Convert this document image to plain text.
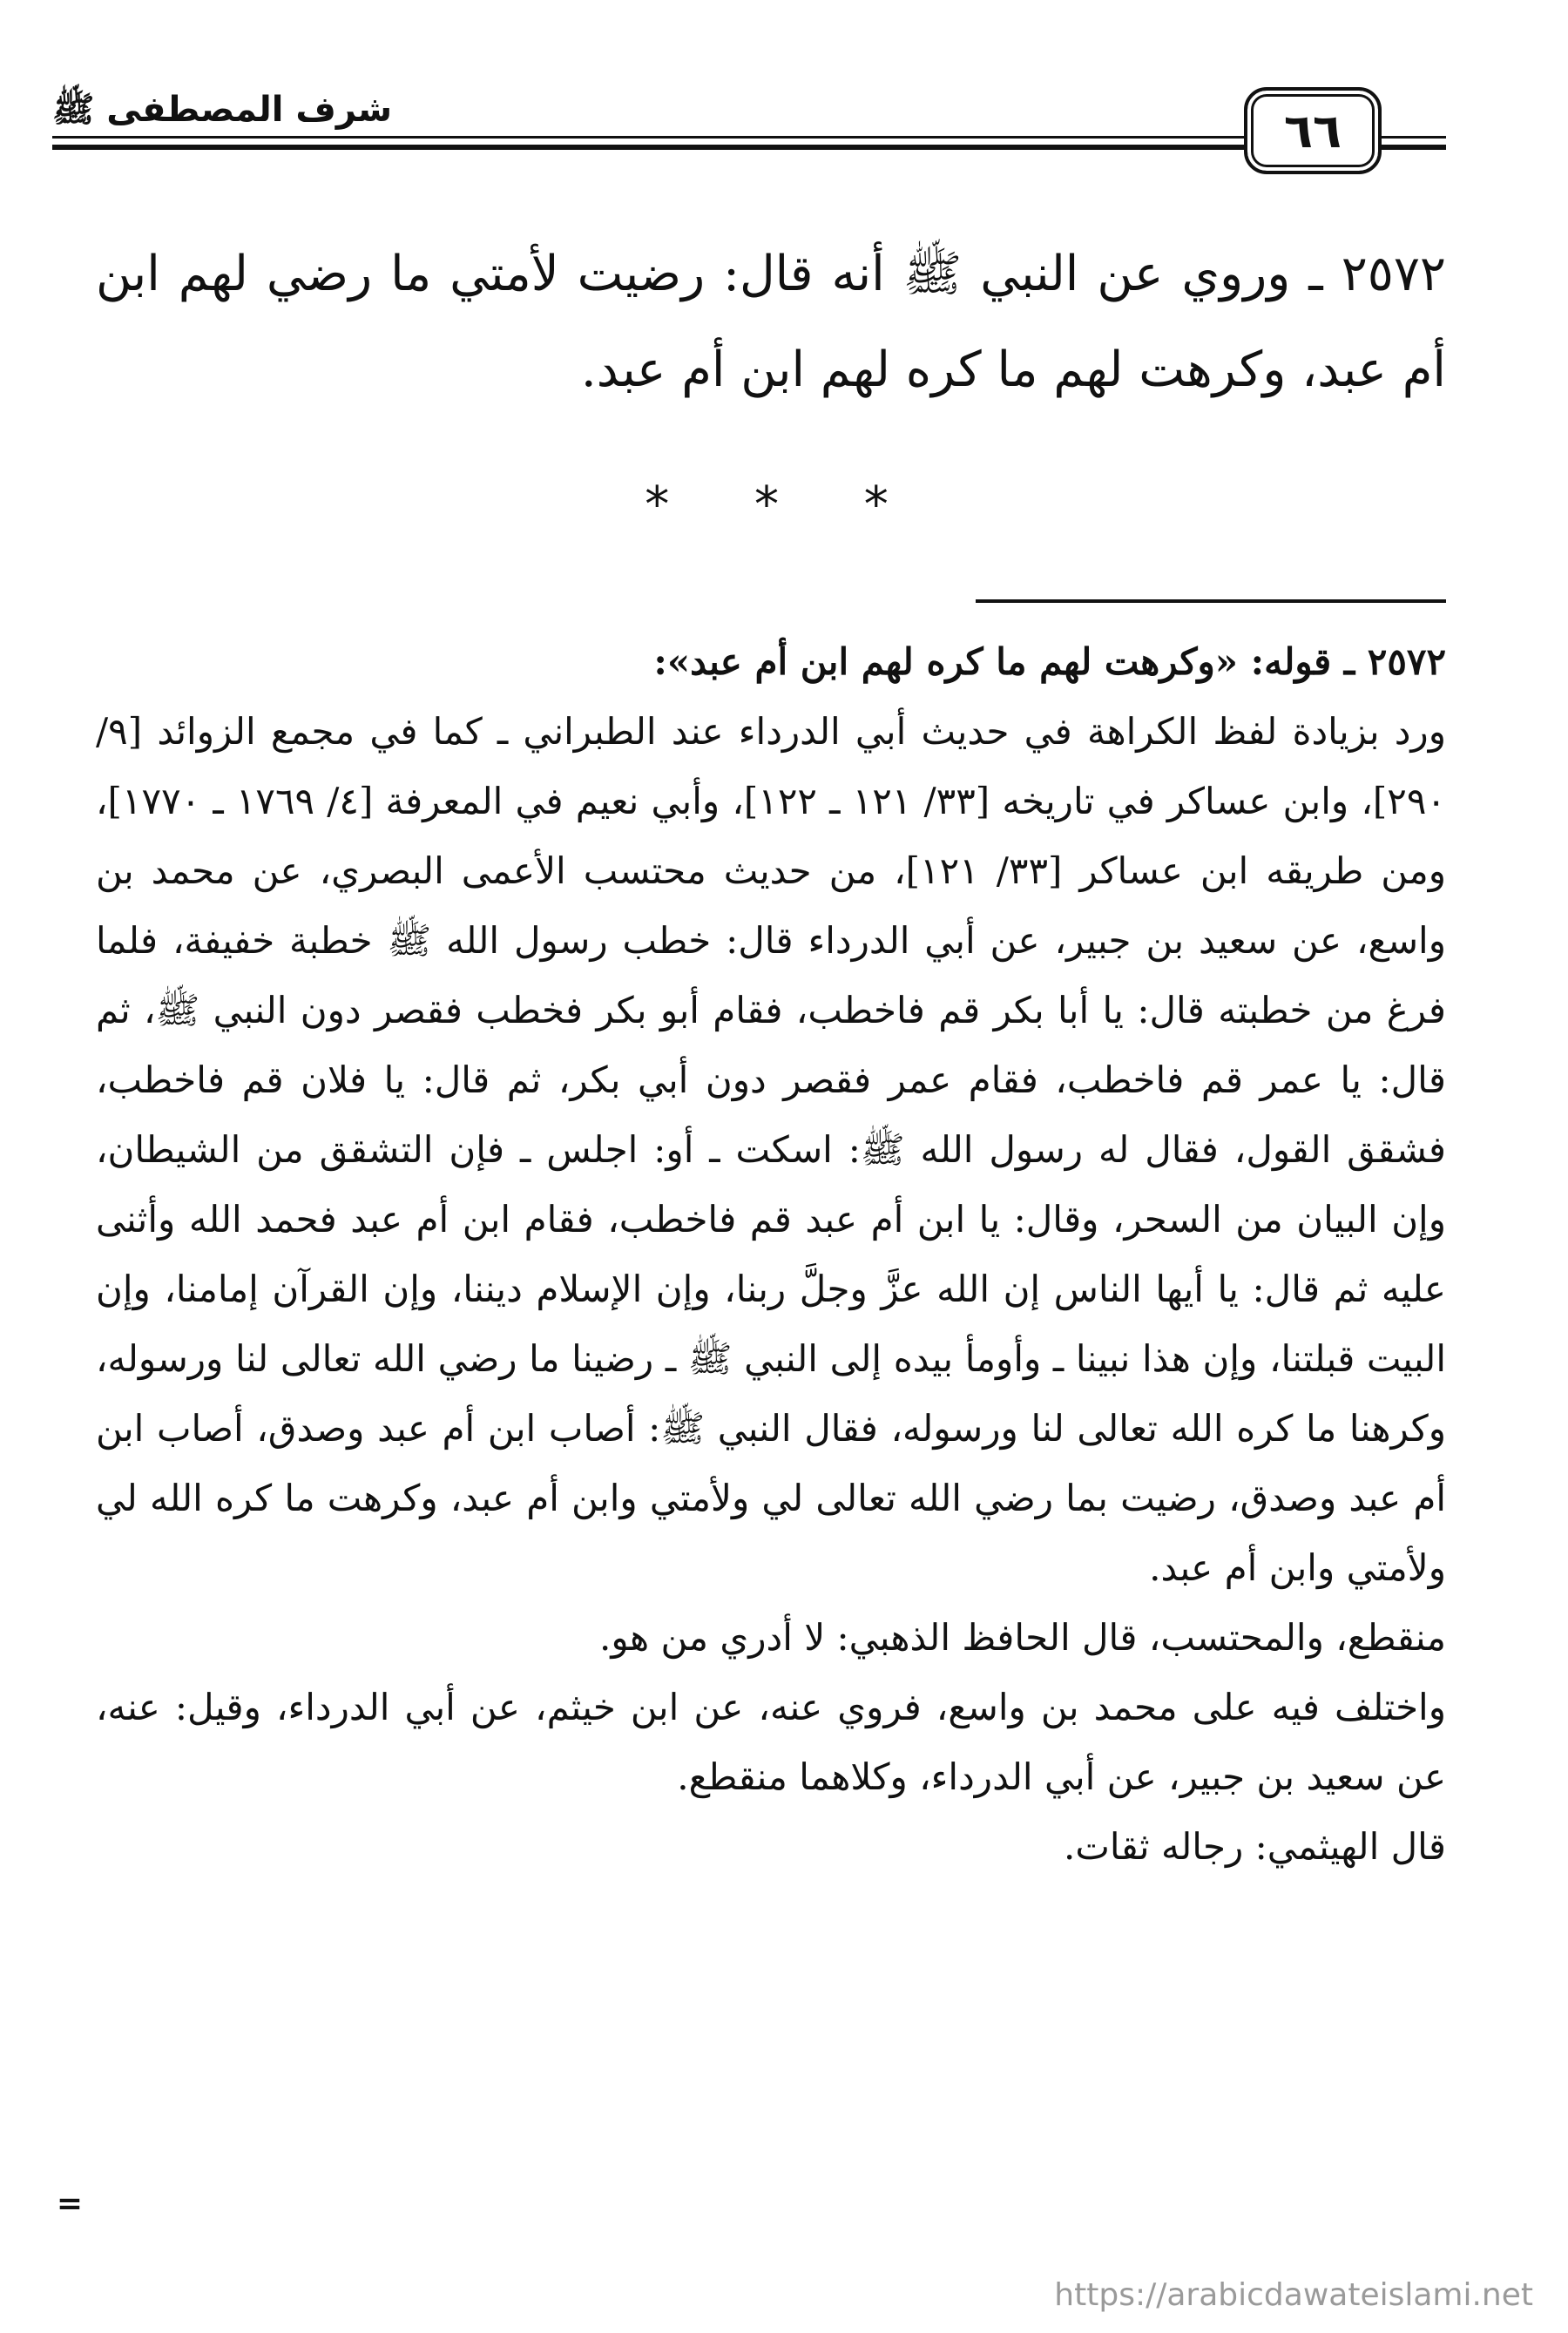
٦٦
شرف المصطفى ﷺ

٢٥٧٢ ـ وروي عن النبي ﷺ أنه قال: رضيت لأمتي ما رضي لهم ابن أم عبد، وكرهت لهم ما كره لهم ابن أم عبد.

* * *

٢٥٧٢ ـ قوله: «وكرهت لهم ما كره لهم ابن أم عبد»:

ورد بزيادة لفظ الكراهة في حديث أبي الدرداء عند الطبراني ـ كما في مجمع الزوائد [٩/ ٢٩٠]، وابن عساكر في تاريخه [٣٣/ ١٢١ ـ ١٢٢]، وأبي نعيم في المعرفة [٤/ ١٧٦٩ ـ ١٧٧٠]، ومن طريقه ابن عساكر [٣٣/ ١٢١]، من حديث محتسب الأعمى البصري، عن محمد بن واسع، عن سعيد بن جبير، عن أبي الدرداء قال: خطب رسول الله ﷺ خطبة خفيفة، فلما فرغ من خطبته قال: يا أبا بكر قم فاخطب، فقام أبو بكر فخطب فقصر دون النبي ﷺ، ثم قال: يا عمر قم فاخطب، فقام عمر فقصر دون أبي بكر، ثم قال: يا فلان قم فاخطب، فشقق القول، فقال له رسول الله ﷺ: اسكت ـ أو: اجلس ـ فإن التشقق من الشيطان، وإن البيان من السحر، وقال: يا ابن أم عبد قم فاخطب، فقام ابن أم عبد فحمد الله وأثنى عليه ثم قال: يا أيها الناس إن الله عزَّ وجلَّ ربنا، وإن الإسلام ديننا، وإن القرآن إمامنا، وإن البيت قبلتنا، وإن هذا نبينا ـ وأومأ بيده إلى النبي ﷺ ـ رضينا ما رضي الله تعالى لنا ورسوله، وكرهنا ما كره الله تعالى لنا ورسوله، فقال النبي ﷺ: أصاب ابن أم عبد وصدق، أصاب ابن أم عبد وصدق، رضيت بما رضي الله تعالى لي ولأمتي وابن أم عبد، وكرهت ما كره الله لي ولأمتي وابن أم عبد.

منقطع، والمحتسب، قال الحافظ الذهبي: لا أدري من هو.

واختلف فيه على محمد بن واسع، فروي عنه، عن ابن خيثم، عن أبي الدرداء، وقيل: عنه، عن سعيد بن جبير، عن أبي الدرداء، وكلاهما منقطع.

قال الهيثمي: رجاله ثقات.

=
https://arabicdawateislami.net
